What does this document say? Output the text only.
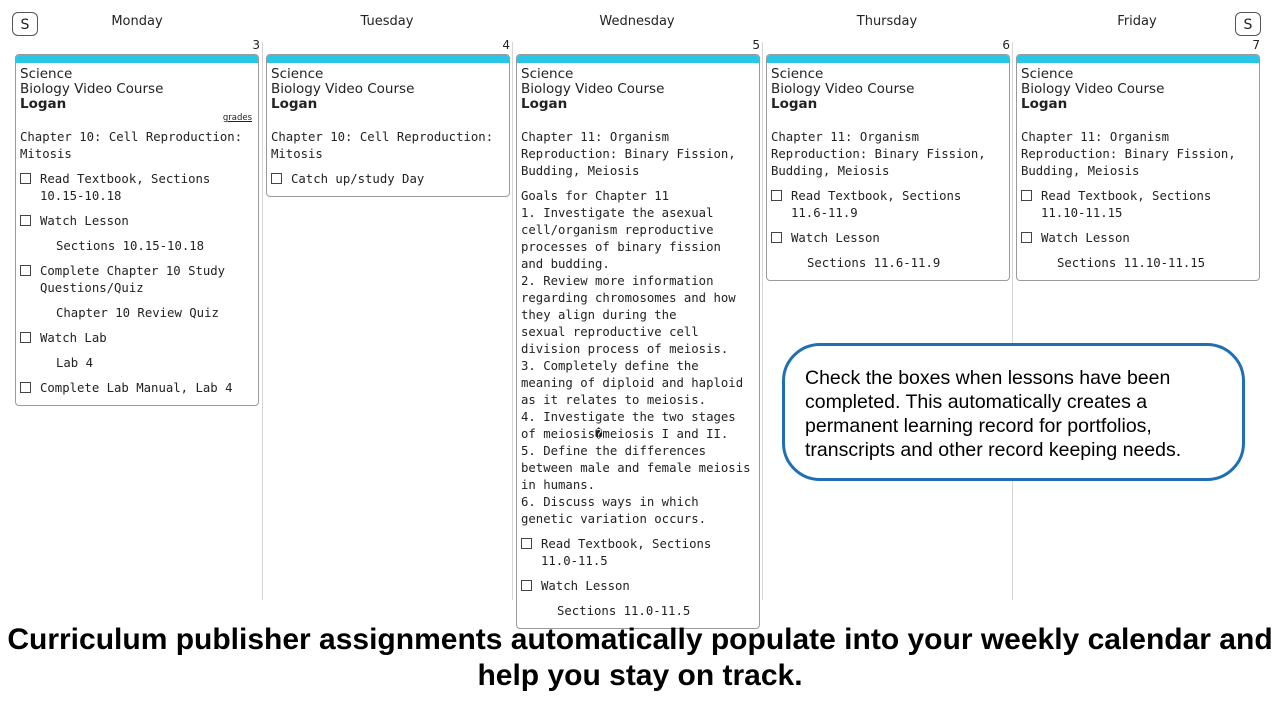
S	S
Monday
3
Science
Biology Video Course
Logan
grades
Chapter 10: Cell Reproduction: Mitosis
Read Textbook, Sections 10.15-10.18
Watch Lesson
Sections 10.15-10.18
Complete Chapter 10 Study Questions/Quiz
Chapter 10 Review Quiz
Watch Lab
Lab 4
Complete Lab Manual, Lab 4
Tuesday
4
Science
Biology Video Course
Logan
Chapter 10: Cell Reproduction: Mitosis
Catch up/study Day
Wednesday
5
Science
Biology Video Course
Logan
Chapter 11: Organism Reproduction: Binary Fission, Budding, Meiosis
Goals for Chapter 11
1. Investigate the asexual cell/organism reproductive processes of binary fission
and budding.
2. Review more information regarding chromosomes and how they align during the
sexual reproductive cell division process of meiosis.
3. Completely define the meaning of diploid and haploid as it relates to meiosis.
4. Investigate the two stages of meiosis�meiosis I and II.
5. Define the differences between male and female meiosis in humans.
6. Discuss ways in which genetic variation occurs.
Read Textbook, Sections 11.0-11.5
Watch Lesson
Sections 11.0-11.5
Thursday
6
Science
Biology Video Course
Logan
Chapter 11: Organism Reproduction: Binary Fission, Budding, Meiosis
Read Textbook, Sections 11.6-11.9
Watch Lesson
Sections 11.6-11.9
Friday
7
Science
Biology Video Course
Logan
Chapter 11: Organism Reproduction: Binary Fission, Budding, Meiosis
Read Textbook, Sections 11.10-11.15
Watch Lesson
Sections 11.10-11.15
Check the boxes when lessons have been completed. This automatically creates a permanent learning record for portfolios, transcripts and other record keeping needs.
Curriculum publisher assignments automatically populate into your weekly calendar and help you stay on track.
